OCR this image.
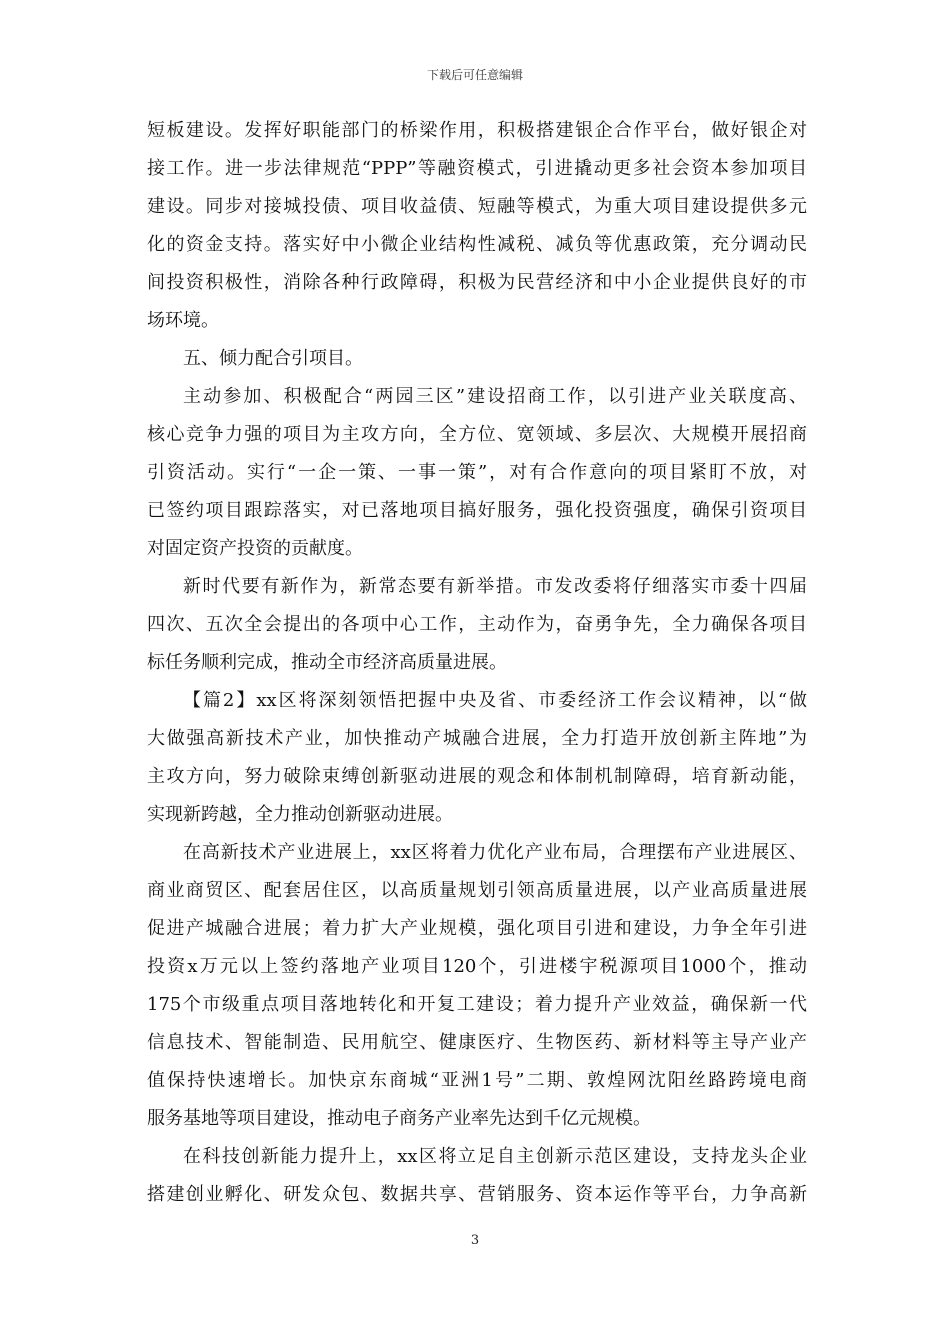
下载后可任意编辑
短板建设。发挥好职能部门的桥梁作用，积极搭建银企合作平台，做好银企对
接工作。进一步法律规范“PPP”等融资模式，引进撬动更多社会资本参加项目
建设。同步对接城投债、项目收益债、短融等模式，为重大项目建设提供多元
化的资金支持。落实好中小微企业结构性减税、减负等优惠政策，充分调动民
间投资积极性，消除各种行政障碍，积极为民营经济和中小企业提供良好的市
场环境。
五、倾力配合引项目。
主动参加、积极配合“两园三区”建设招商工作，以引进产业关联度高、
核心竞争力强的项目为主攻方向，全方位、宽领域、多层次、大规模开展招商
引资活动。实行“一企一策、一事一策”，对有合作意向的项目紧盯不放，对
已签约项目跟踪落实，对已落地项目搞好服务，强化投资强度，确保引资项目
对固定资产投资的贡献度。
新时代要有新作为，新常态要有新举措。市发改委将仔细落实市委十四届
四次、五次全会提出的各项中心工作，主动作为，奋勇争先，全力确保各项目
标任务顺利完成，推动全市经济高质量进展。
【篇2】xx区将深刻领悟把握中央及省、市委经济工作会议精神，以“做
大做强高新技术产业，加快推动产城融合进展，全力打造开放创新主阵地”为
主攻方向，努力破除束缚创新驱动进展的观念和体制机制障碍，培育新动能，
实现新跨越，全力推动创新驱动进展。
在高新技术产业进展上，xx区将着力优化产业布局，合理摆布产业进展区、
商业商贸区、配套居住区，以高质量规划引领高质量进展，以产业高质量进展
促进产城融合进展；着力扩大产业规模，强化项目引进和建设，力争全年引进
投资x万元以上签约落地产业项目120个，引进楼宇税源项目1000个，推动
175个市级重点项目落地转化和开复工建设；着力提升产业效益，确保新一代
信息技术、智能制造、民用航空、健康医疗、生物医药、新材料等主导产业产
值保持快速增长。加快京东商城“亚洲1号”二期、敦煌网沈阳丝路跨境电商
服务基地等项目建设，推动电子商务产业率先达到千亿元规模。
在科技创新能力提升上，xx区将立足自主创新示范区建设，支持龙头企业
搭建创业孵化、研发众包、数据共享、营销服务、资本运作等平台，力争高新
3
